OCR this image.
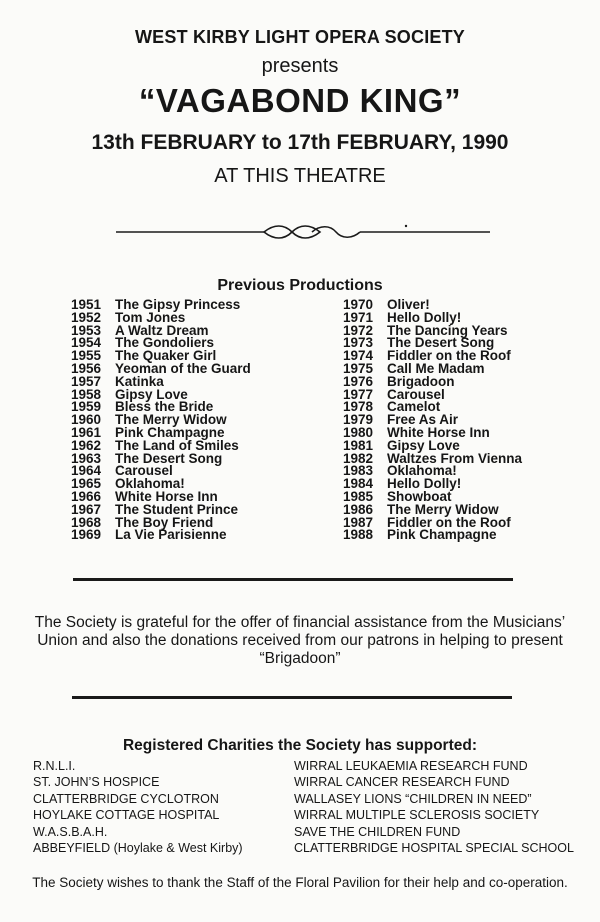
WEST KIRBY LIGHT OPERA SOCIETY
presents
“VAGABOND KING”
13th FEBRUARY to 17th FEBRUARY, 1990
AT THIS THEATRE
Previous Productions
1951 The Gipsy Princess
1952 Tom Jones
1953 A Waltz Dream
1954 The Gondoliers
1955 The Quaker Girl
1956 Yeoman of the Guard
1957 Katinka
1958 Gipsy Love
1959 Bless the Bride
1960 The Merry Widow
1961 Pink Champagne
1962 The Land of Smiles
1963 The Desert Song
1964 Carousel
1965 Oklahoma!
1966 White Horse Inn
1967 The Student Prince
1968 The Boy Friend
1969 La Vie Parisienne
1970 Oliver!
1971 Hello Dolly!
1972 The Dancing Years
1973 The Desert Song
1974 Fiddler on the Roof
1975 Call Me Madam
1976 Brigadoon
1977 Carousel
1978 Camelot
1979 Free As Air
1980 White Horse Inn
1981 Gipsy Love
1982 Waltzes From Vienna
1983 Oklahoma!
1984 Hello Dolly!
1985 Showboat
1986 The Merry Widow
1987 Fiddler on the Roof
1988 Pink Champagne
The Society is grateful for the offer of financial assistance from the Musicians’
Union and also the donations received from our patrons in helping to present
“Brigadoon”
Registered Charities the Society has supported:
R.N.L.I.
ST. JOHN’S HOSPICE
CLATTERBRIDGE CYCLOTRON
HOYLAKE COTTAGE HOSPITAL
W.A.S.B.A.H.
ABBEYFIELD (Hoylake & West Kirby)
WIRRAL LEUKAEMIA RESEARCH FUND
WIRRAL CANCER RESEARCH FUND
WALLASEY LIONS “CHILDREN IN NEED”
WIRRAL MULTIPLE SCLEROSIS SOCIETY
SAVE THE CHILDREN FUND
CLATTERBRIDGE HOSPITAL SPECIAL SCHOOL
The Society wishes to thank the Staff of the Floral Pavilion for their help and co-operation.
